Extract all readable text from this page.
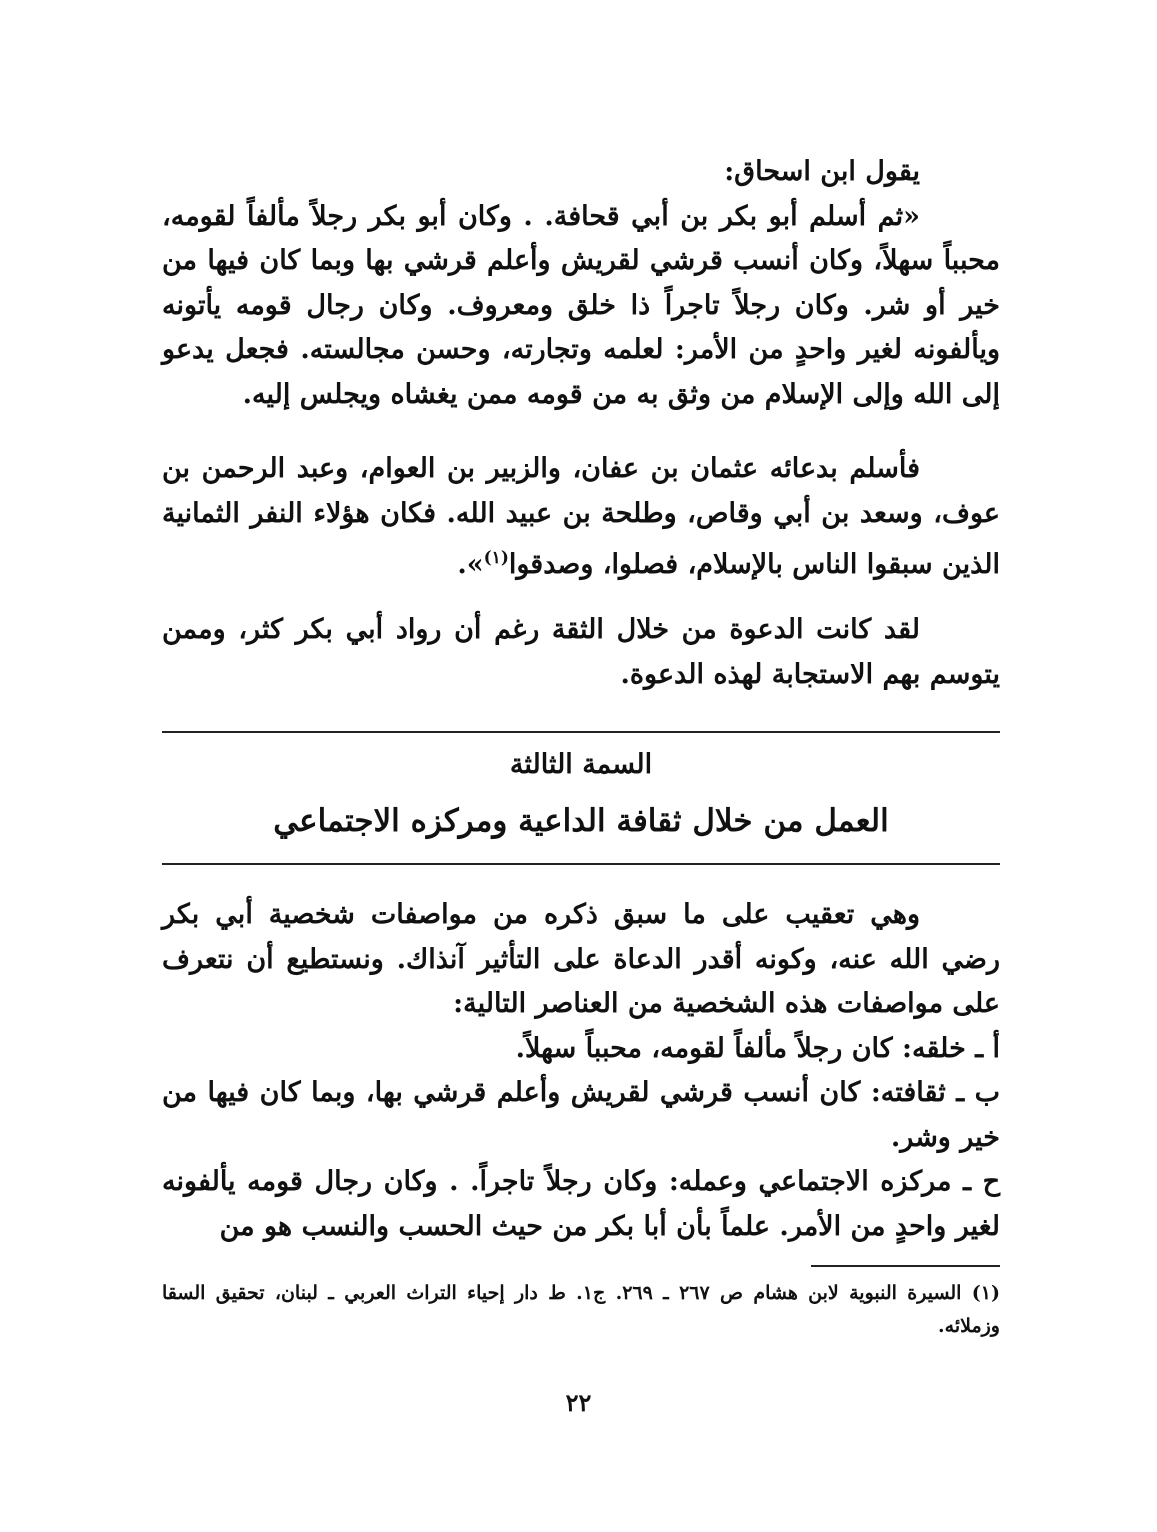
يقول ابن اسحاق:

«ثم أسلم أبو بكر بن أبي قحافة. . وكان أبو بكر رجلاً مألفاً لقومه، محبباً سهلاً، وكان أنسب قرشي لقريش وأعلم قرشي بها وبما كان فيها من خير أو شر. وكان رجلاً تاجراً ذا خلق ومعروف. وكان رجال قومه يأتونه ويألفونه لغير واحدٍ من الأمر: لعلمه وتجارته، وحسن مجالسته. فجعل يدعو إلى الله وإلى الإسلام من وثق به من قومه ممن يغشاه ويجلس إليه.

فأسلم بدعائه عثمان بن عفان، والزبير بن العوام، وعبد الرحمن بن عوف، وسعد بن أبي وقاص، وطلحة بن عبيد الله. فكان هؤلاء النفر الثمانية الذين سبقوا الناس بالإسلام، فصلوا، وصدقوا$^{(١)}$».

لقد كانت الدعوة من خلال الثقة رغم أن رواد أبي بكر كثر، وممن يتوسم بهم الاستجابة لهذه الدعوة.

السمة الثالثة
العمل من خلال ثقافة الداعية ومركزه الاجتماعي

وهي تعقيب على ما سبق ذكره من مواصفات شخصية أبي بكر رضي الله عنه، وكونه أقدر الدعاة على التأثير آنذاك. ونستطيع أن نتعرف على مواصفات هذه الشخصية من العناصر التالية:

أ ـ خلقه: كان رجلاً مألفاً لقومه، محبباً سهلاً.

ب ـ ثقافته: كان أنسب قرشي لقريش وأعلم قرشي بها، وبما كان فيها من خير وشر.

ح ـ مركزه الاجتماعي وعمله: وكان رجلاً تاجراً. . وكان رجال قومه يألفونه لغير واحدٍ من الأمر. علماً بأن أبا بكر من حيث الحسب والنسب هو من

(١) السيرة النبوية لابن هشام ص ٢٦٧ ـ ٢٦٩. ج١. ط دار إحياء التراث العربي ـ لبنان، تحقيق السقا وزملائه.
٢٢
